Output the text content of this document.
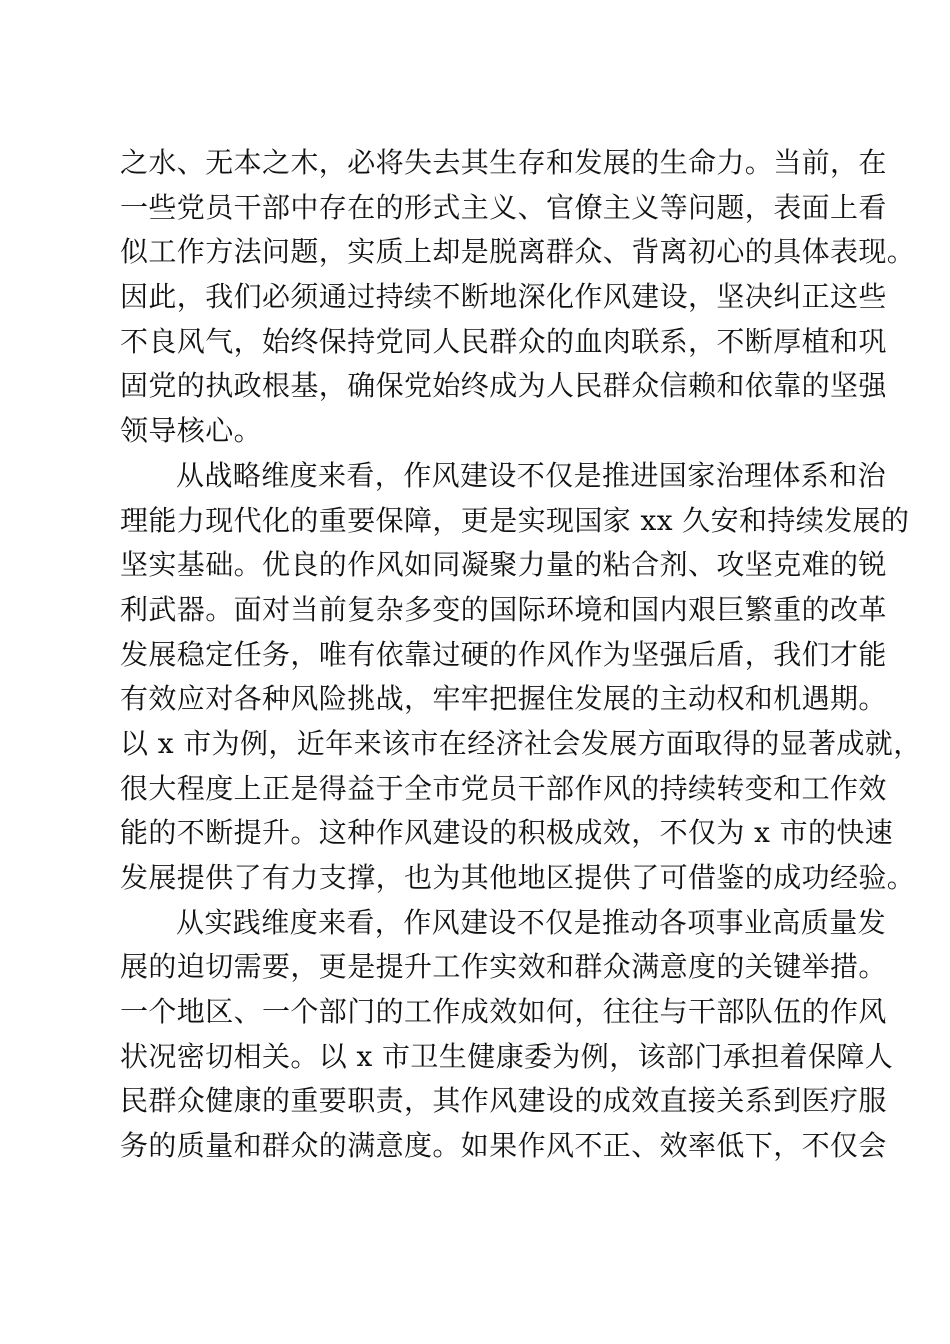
之水、无本之木，必将失去其生存和发展的生命力。当前，在
一些党员干部中存在的形式主义、官僚主义等问题，表面上看
似工作方法问题，实质上却是脱离群众、背离初心的具体表现。
因此，我们必须通过持续不断地深化作风建设，坚决纠正这些
不良风气，始终保持党同人民群众的血肉联系，不断厚植和巩
固党的执政根基，确保党始终成为人民群众信赖和依靠的坚强
领导核心。
从战略维度来看，作风建设不仅是推进国家治理体系和治
理能力现代化的重要保障，更是实现国家 xx 久安和持续发展的
坚实基础。优良的作风如同凝聚力量的粘合剂、攻坚克难的锐
利武器。面对当前复杂多变的国际环境和国内艰巨繁重的改革
发展稳定任务，唯有依靠过硬的作风作为坚强后盾，我们才能
有效应对各种风险挑战，牢牢把握住发展的主动权和机遇期。
以 x 市为例，近年来该市在经济社会发展方面取得的显著成就，
很大程度上正是得益于全市党员干部作风的持续转变和工作效
能的不断提升。这种作风建设的积极成效，不仅为 x 市的快速
发展提供了有力支撑，也为其他地区提供了可借鉴的成功经验。
从实践维度来看，作风建设不仅是推动各项事业高质量发
展的迫切需要，更是提升工作实效和群众满意度的关键举措。
一个地区、一个部门的工作成效如何，往往与干部队伍的作风
状况密切相关。以 x 市卫生健康委为例，该部门承担着保障人
民群众健康的重要职责，其作风建设的成效直接关系到医疗服
务的质量和群众的满意度。如果作风不正、效率低下，不仅会
